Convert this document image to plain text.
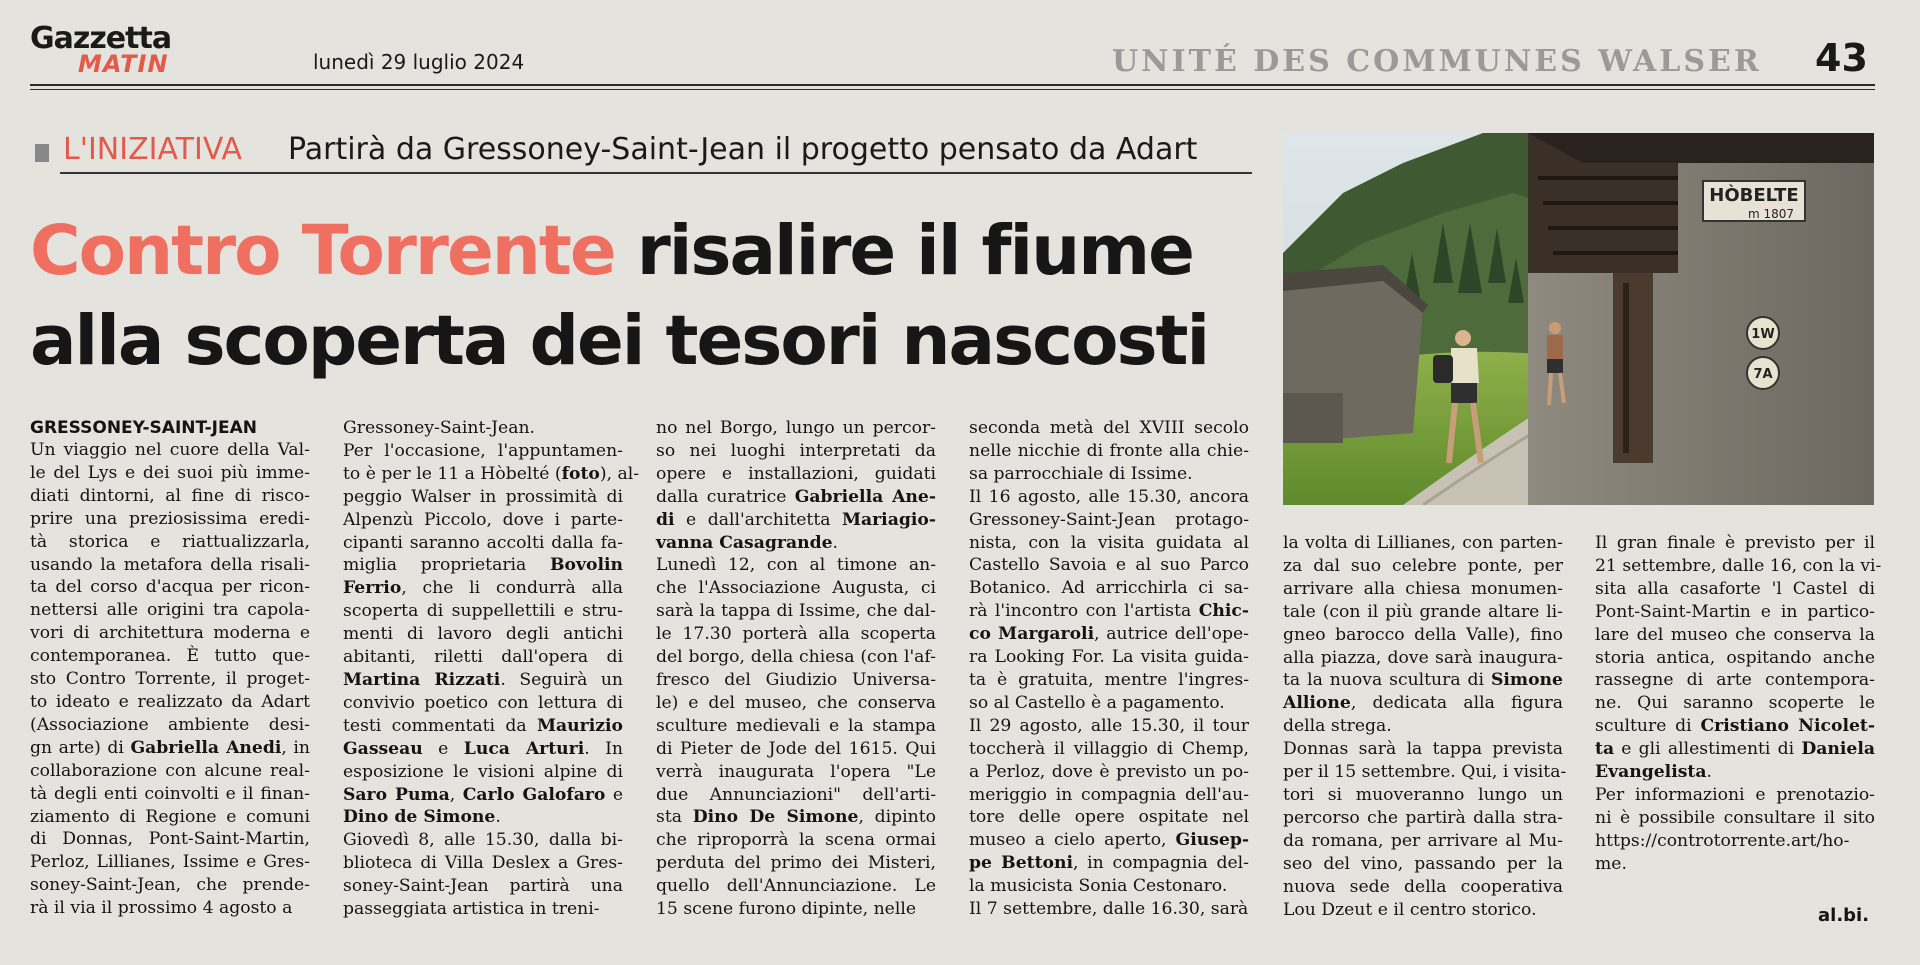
Gazzetta
MATIN	lunedì 29 luglio 2024	UNITÉ DES COMMUNES WALSER 43
L'INIZIATIVA Partirà da Gressoney-Saint-Jean il progetto pensato da Adart
Contro Torrente risalire il fiume
alla scoperta dei tesori nascosti
HÒBELTE
m 1807
1W
7A
GRESSONEY-SAINT-JEAN
Un viaggio nel cuore della Val-
le del Lys e dei suoi più imme-
diati dintorni, al fine di risco-
prire una preziosissima eredi-
tà storica e riattualizzarla,
usando la metafora della risali-
ta del corso d'acqua per ricon-
nettersi alle origini tra capola-
vori di architettura moderna e
contemporanea. È tutto que-
sto Contro Torrente, il proget-
to ideato e realizzato da Adart
(Associazione ambiente desi-
gn arte) di Gabriella Anedi, in
collaborazione con alcune real-
tà degli enti coinvolti e il finan-
ziamento di Regione e comuni
di Donnas, Pont-Saint-Martin,
Perloz, Lillianes, Issime e Gres-
soney-Saint-Jean, che prende-
rà il via il prossimo 4 agosto a
Gressoney-Saint-Jean.
Per l'occasione, l'appuntamen-
to è per le 11 a Hòbelté (foto), al-
peggio Walser in prossimità di
Alpenzù Piccolo, dove i parte-
cipanti saranno accolti dalla fa-
miglia proprietaria Bovolin
Ferrio, che li condurrà alla
scoperta di suppellettili e stru-
menti di lavoro degli antichi
abitanti, riletti dall'opera di
Martina Rizzati. Seguirà un
convivio poetico con lettura di
testi commentati da Maurizio
Gasseau e Luca Arturi. In
esposizione le visioni alpine di
Saro Puma, Carlo Galofaro e
Dino de Simone.
Giovedì 8, alle 15.30, dalla bi-
blioteca di Villa Deslex a Gres-
soney-Saint-Jean partirà una
passeggiata artistica in treni-
no nel Borgo, lungo un percor-
so nei luoghi interpretati da
opere e installazioni, guidati
dalla curatrice Gabriella Ane-
di e dall'architetta Mariagio-
vanna Casagrande.
Lunedì 12, con al timone an-
che l'Associazione Augusta, ci
sarà la tappa di Issime, che dal-
le 17.30 porterà alla scoperta
del borgo, della chiesa (con l'af-
fresco del Giudizio Universa-
le) e del museo, che conserva
sculture medievali e la stampa
di Pieter de Jode del 1615. Qui
verrà inaugurata l'opera "Le
due Annunciazioni" dell'arti-
sta Dino De Simone, dipinto
che riproporrà la scena ormai
perduta del primo dei Misteri,
quello dell'Annunciazione. Le
15 scene furono dipinte, nelle
seconda metà del XVIII secolo
nelle nicchie di fronte alla chie-
sa parrocchiale di Issime.
Il 16 agosto, alle 15.30, ancora
Gressoney-Saint-Jean protago-
nista, con la visita guidata al
Castello Savoia e al suo Parco
Botanico. Ad arricchirla ci sa-
rà l'incontro con l'artista Chic-
co Margaroli, autrice dell'ope-
ra Looking For. La visita guida-
ta è gratuita, mentre l'ingres-
so al Castello è a pagamento.
Il 29 agosto, alle 15.30, il tour
toccherà il villaggio di Chemp,
a Perloz, dove è previsto un po-
meriggio in compagnia dell'au-
tore delle opere ospitate nel
museo a cielo aperto, Giusep-
pe Bettoni, in compagnia del-
la musicista Sonia Cestonaro.
Il 7 settembre, dalle 16.30, sarà
la volta di Lillianes, con parten-
za dal suo celebre ponte, per
arrivare alla chiesa monumen-
tale (con il più grande altare li-
gneo barocco della Valle), fino
alla piazza, dove sarà inaugura-
ta la nuova scultura di Simone
Allione, dedicata alla figura
della strega.
Donnas sarà la tappa prevista
per il 15 settembre. Qui, i visita-
tori si muoveranno lungo un
percorso che partirà dalla stra-
da romana, per arrivare al Mu-
seo del vino, passando per la
nuova sede della cooperativa
Lou Dzeut e il centro storico.
Il gran finale è previsto per il
21 settembre, dalle 16, con la vi-
sita alla casaforte 'l Castel di
Pont-Saint-Martin e in partico-
lare del museo che conserva la
storia antica, ospitando anche
rassegne di arte contempora-
ne. Qui saranno scoperte le
sculture di Cristiano Nicolet-
ta e gli allestimenti di Daniela
Evangelista.
Per informazioni e prenotazio-
ni è possibile consultare il sito
https://controtorrente.art/ho-
me.
al.bi.
